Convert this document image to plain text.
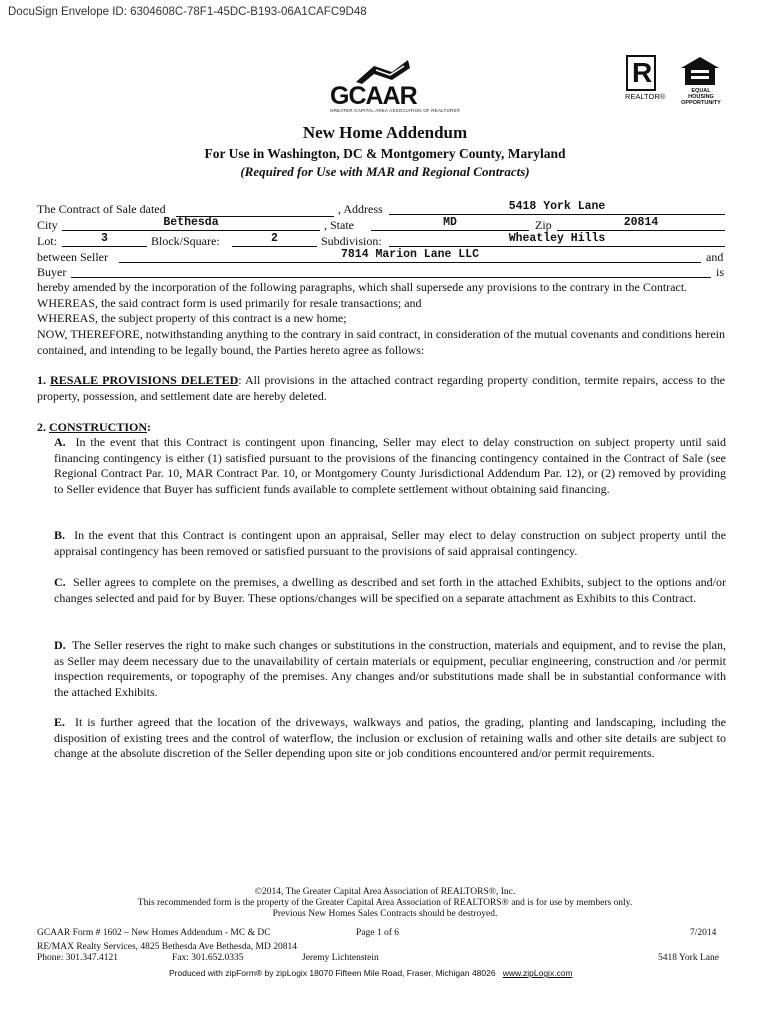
DocuSign Envelope ID: 6304608C-78F1-45DC-B193-06A1CAFC9D48
GCAAR
GREATER CAPITAL AREA ASSOCIATION OF REALTORS®
R
REALTOR®
EQUAL HOUSING OPPORTUNITY
New Home Addendum
For Use in Washington, DC & Montgomery County, Maryland
(Required for Use with MAR and Regional Contracts)
The Contract of Sale dated	, Address	5418 York Lane
City	Bethesda	, State	MD	Zip	20814
Lot:	3	Block/Square:	2	Subdivision:	Wheatley Hills
between Seller	7814 Marion Lane LLC	and
Buyer	is
hereby amended by the incorporation of the following paragraphs, which shall supersede any provisions to the contrary in the Contract.
WHEREAS, the said contract form is used primarily for resale transactions; and
WHEREAS, the subject property of this contract is a new home;
NOW, THEREFORE, notwithstanding anything to the contrary in said contract, in consideration of the mutual covenants and conditions herein contained, and intending to be legally bound, the Parties hereto agree as follows:
1. RESALE PROVISIONS DELETED: All provisions in the attached contract regarding property condition, termite repairs, access to the property, possession, and settlement date are hereby deleted.
2. CONSTRUCTION:
A. In the event that this Contract is contingent upon financing, Seller may elect to delay construction on subject property until said financing contingency is either (1) satisfied pursuant to the provisions of the financing contingency contained in the Contract of Sale (see Regional Contract Par. 10, MAR Contract Par. 10, or Montgomery County Jurisdictional Addendum Par. 12), or (2) removed by providing to Seller evidence that Buyer has sufficient funds available to complete settlement without obtaining said financing.
B. In the event that this Contract is contingent upon an appraisal, Seller may elect to delay construction on subject property until the appraisal contingency has been removed or satisfied pursuant to the provisions of said appraisal contingency.
C. Seller agrees to complete on the premises, a dwelling as described and set forth in the attached Exhibits, subject to the options and/or changes selected and paid for by Buyer. These options/changes will be specified on a separate attachment as Exhibits to this Contract.
D. The Seller reserves the right to make such changes or substitutions in the construction, materials and equipment, and to revise the plan, as Seller may deem necessary due to the unavailability of certain materials or equipment, peculiar engineering, construction and /or permit inspection requirements, or topography of the premises. Any changes and/or substitutions made shall be in substantial conformance with the attached Exhibits.
E. It is further agreed that the location of the driveways, walkways and patios, the grading, planting and landscaping, including the disposition of existing trees and the control of waterflow, the inclusion or exclusion of retaining walls and other site details are subject to change at the absolute discretion of the Seller depending upon site or job conditions encountered and/or permit requirements.
©2014, The Greater Capital Area Association of REALTORS®, Inc.
This recommended form is the property of the Greater Capital Area Association of REALTORS® and is for use by members only.
Previous New Homes Sales Contracts should be destroyed.
GCAAR Form # 1602 – New Homes Addendum - MC & DC	Page 1 of 6	7/2014
RE/MAX Realty Services, 4825 Bethesda Ave Bethesda, MD 20814
Phone: 301.347.4121	Fax: 301.652.0335	Jeremy Lichtenstein	5418 York Lane
Produced with zipForm® by zipLogix 18070 Fifteen Mile Road, Fraser, Michigan 48026 www.zipLogix.com
